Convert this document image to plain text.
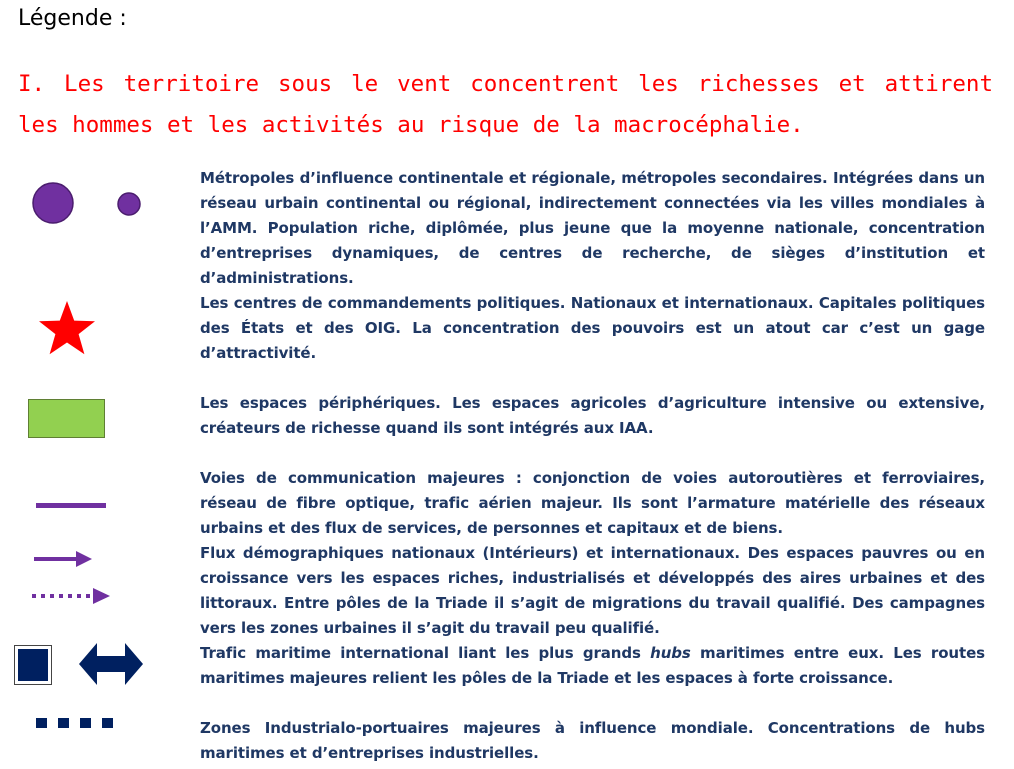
Légende :
I. Les territoire sous le vent concentrent les richesses et attirent les hommes et les activités au risque de la macrocéphalie.

Métropoles d’influence continentale et régionale, métropoles secondaires. Intégrées dans un réseau urbain continental ou régional, indirectement connectées via les villes mondiales à l’AMM. Population riche, diplômée, plus jeune que la moyenne nationale, concentration d’entreprises dynamiques, de centres de recherche, de sièges d’institution et d’administrations.

Les centres de commandements politiques. Nationaux et internationaux. Capitales politiques des États et des OIG. La concentration des pouvoirs est un atout car c’est un gage d’attractivité.

Les espaces périphériques. Les espaces agricoles d’agriculture intensive ou extensive, créateurs de richesse quand ils sont intégrés aux IAA.

Voies de communication majeures : conjonction de voies autoroutières et ferroviaires, réseau de fibre optique, trafic aérien majeur. Ils sont l’armature matérielle des réseaux urbains et des flux de services, de personnes et capitaux et de biens.

Flux démographiques nationaux (Intérieurs) et internationaux. Des espaces pauvres ou en croissance vers les espaces riches, industrialisés et développés des aires urbaines et des littoraux. Entre pôles de la Triade il s’agit de migrations du travail qualifié. Des campagnes vers les zones urbaines il s’agit du travail peu qualifié.

Trafic maritime international liant les plus grands hubs maritimes entre eux. Les routes maritimes majeures relient les pôles de la Triade et les espaces à forte croissance.

Zones Industrialo-portuaires majeures à influence mondiale. Concentrations de hubs maritimes et d’entreprises industrielles.
